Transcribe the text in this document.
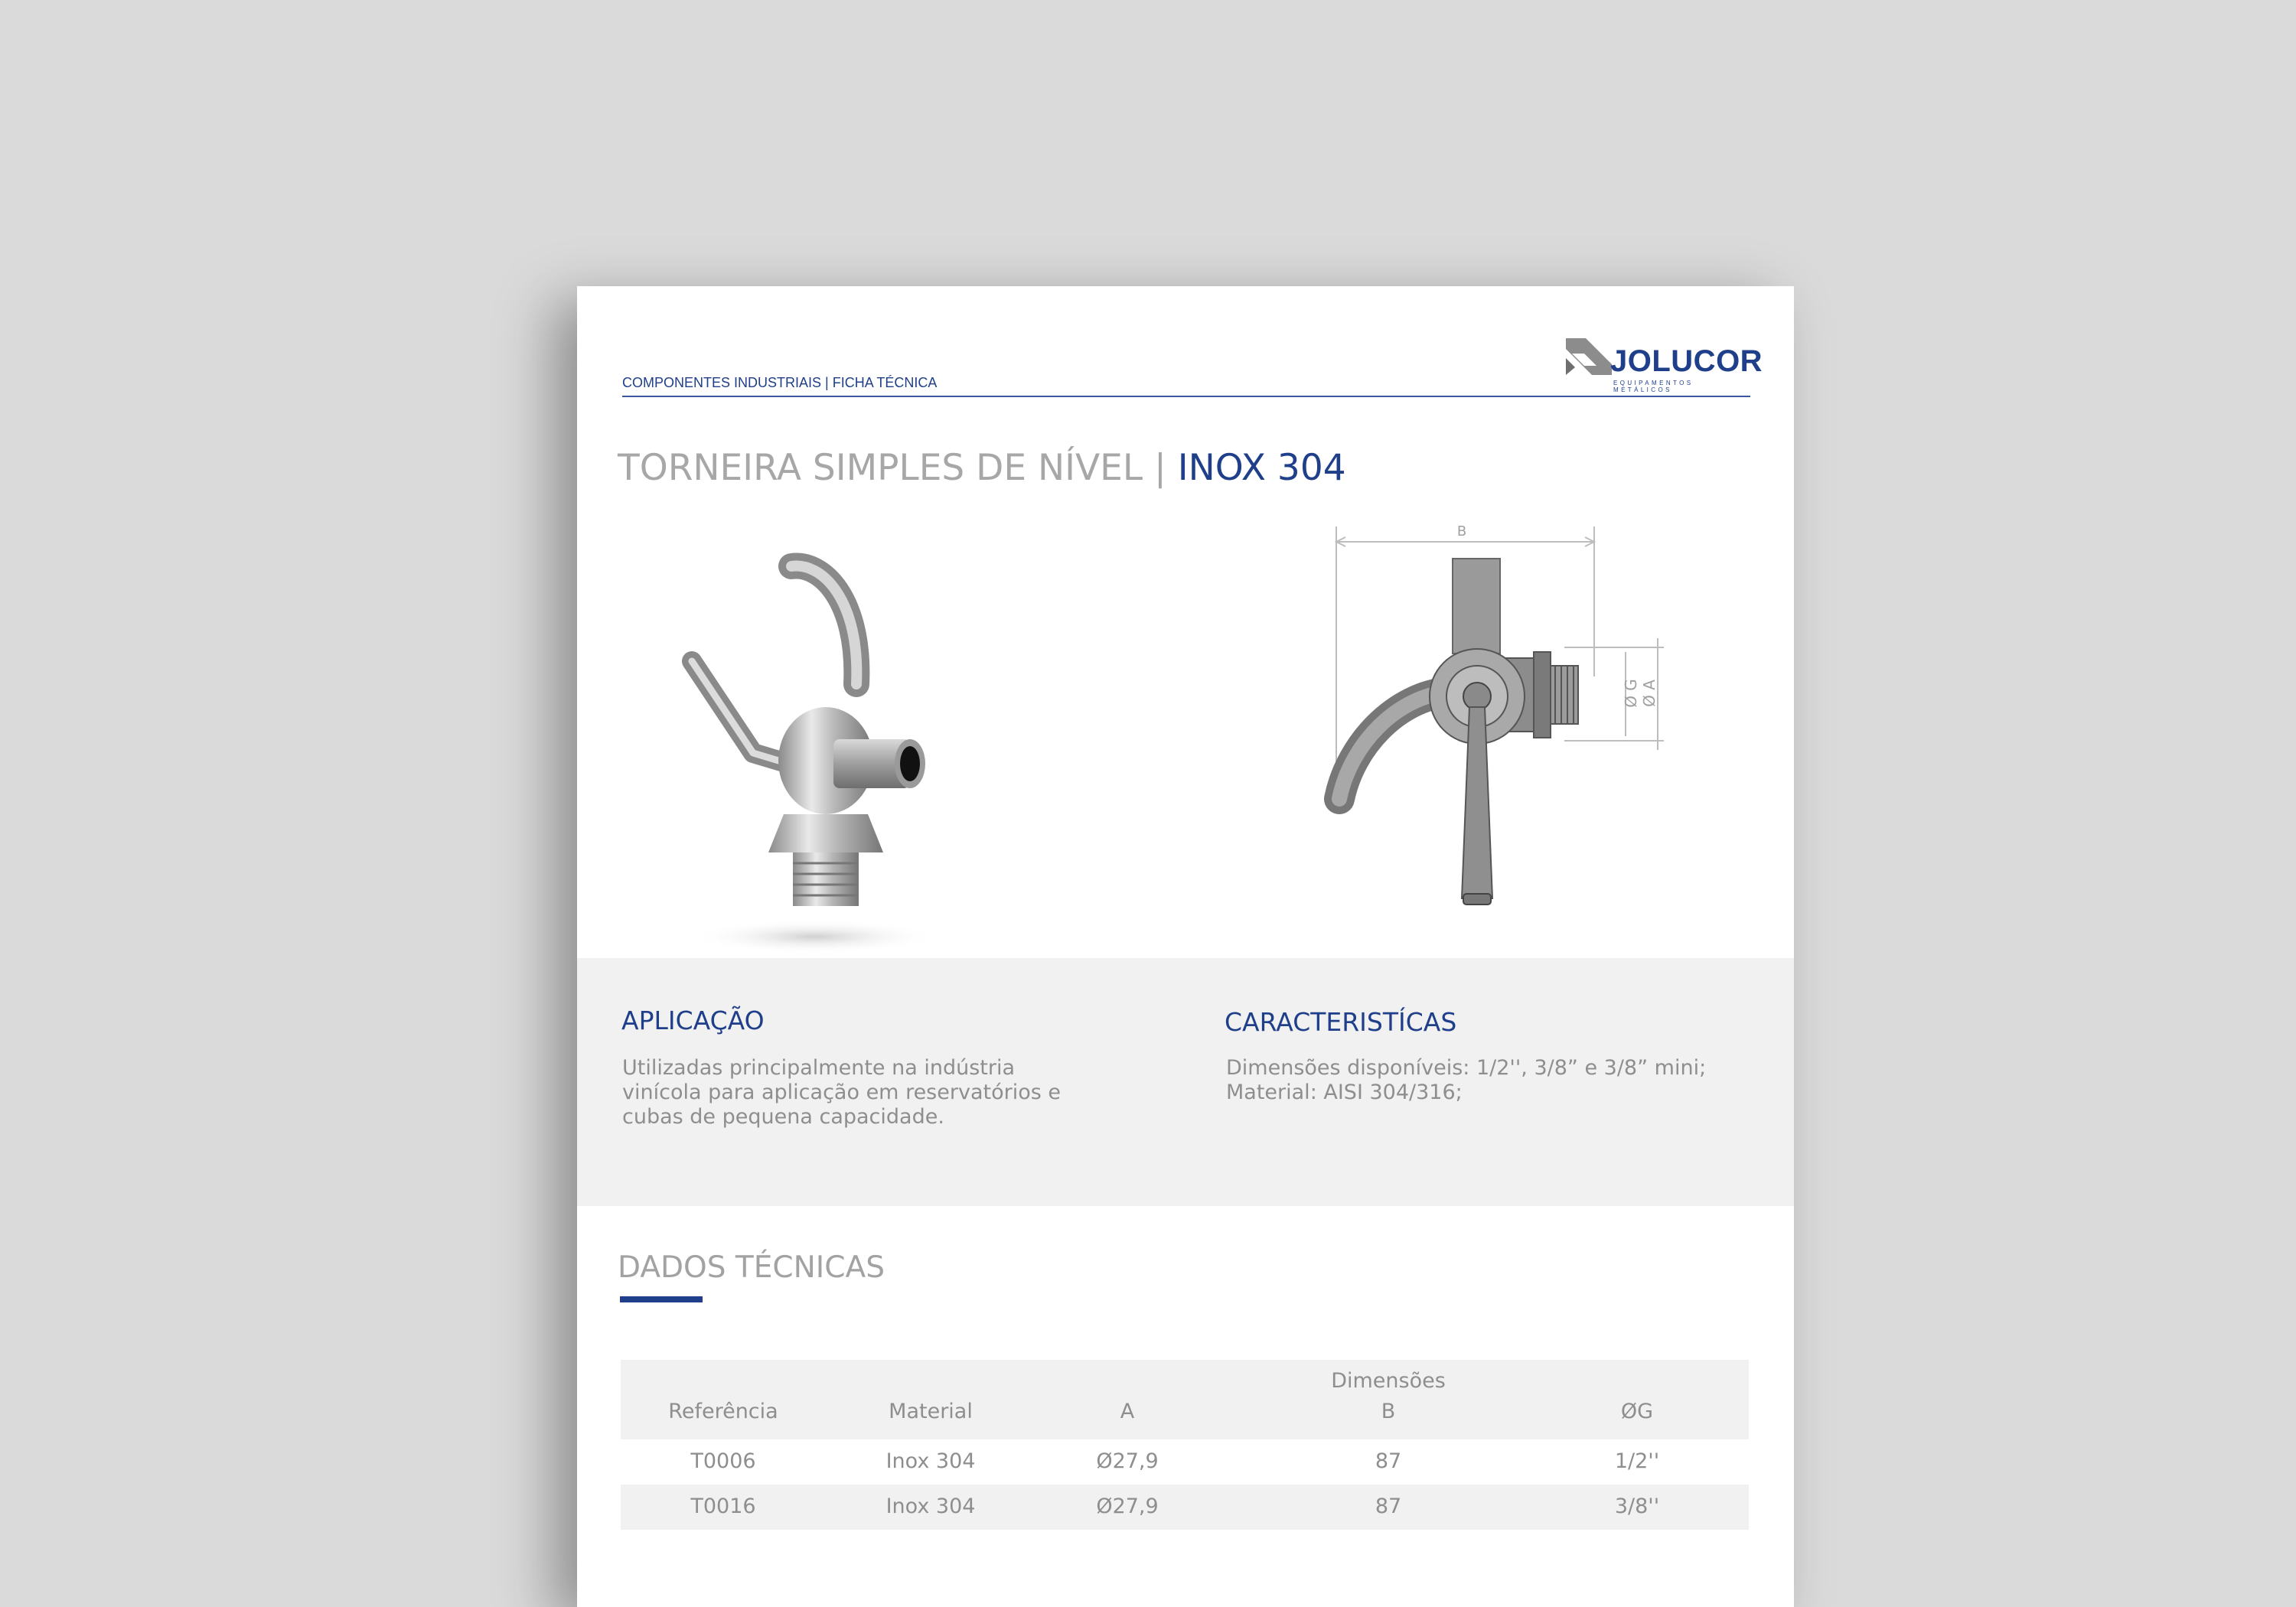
COMPONENTES INDUSTRIAIS | FICHA TÉCNICA
JOLUCOR
EQUIPAMENTOS METÁLICOS
TORNEIRA SIMPLES DE NÍVEL | INOX 304
B
Ø G Ø A
APLICAÇÃO
Utilizadas principalmente na indústria
vinícola para aplicação em reservatórios e
cubas de pequena capacidade.
CARACTERISTÍCAS
Dimensões disponíveis: 1/2'', 3/8” e 3/8” mini;
Material: AISI 304/316;
DADOS TÉCNICAS
Dimensões
Referência	Material	A	B	ØG
T0006	Inox 304	Ø27,9	87	1/2''
T0016	Inox 304	Ø27,9	87	3/8''
